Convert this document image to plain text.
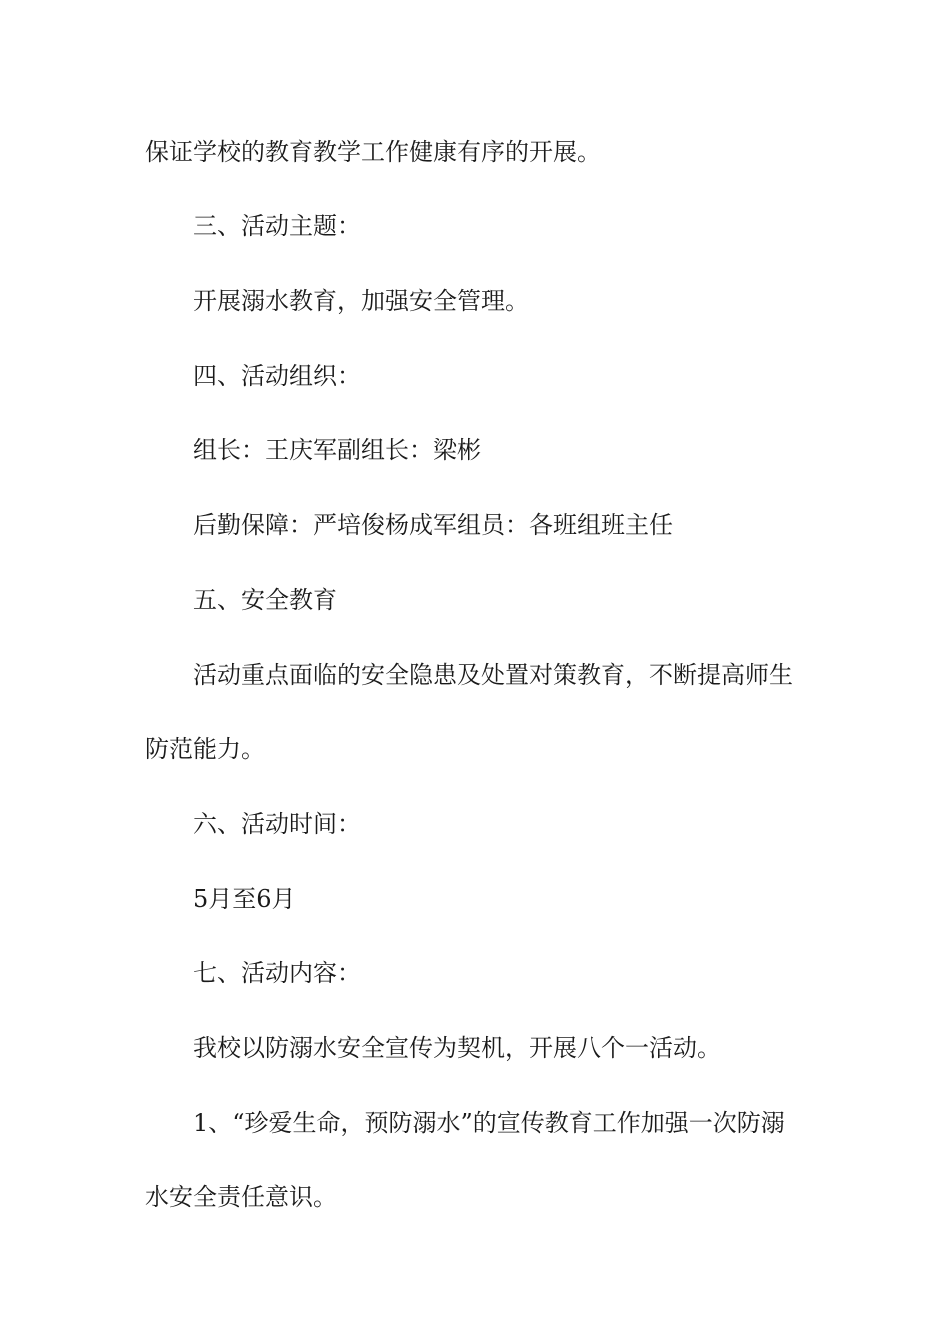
保证学校的教育教学工作健康有序的开展。
三、活动主题：
开展溺水教育，加强安全管理。
四、活动组织：
组长：王庆军副组长：梁彬
后勤保障：严培俊杨成军组员：各班组班主任
五、安全教育
活动重点面临的安全隐患及处置对策教育，不断提高师生
防范能力。
六、活动时间：
5月至6月
七、活动内容：
我校以防溺水安全宣传为契机，开展八个一活动。
1、“珍爱生命，预防溺水”的宣传教育工作加强一次防溺
水安全责任意识。
